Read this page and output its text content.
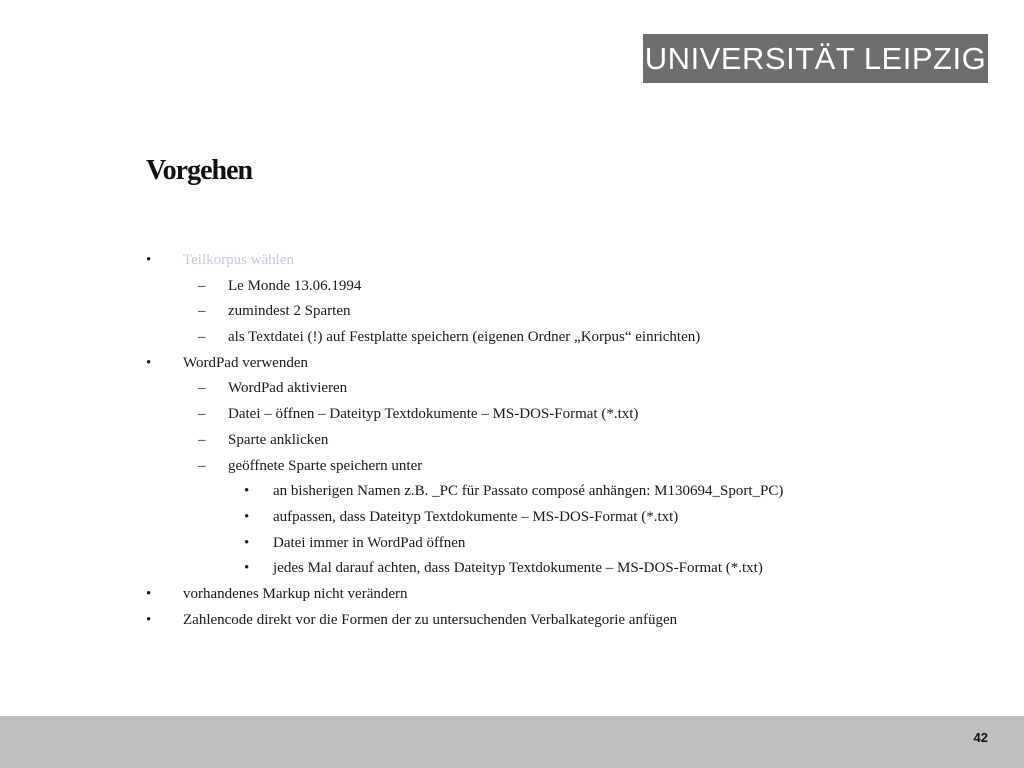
UNIVERSITÄT LEIPZIG
Vorgehen
• Teilkorpus wählen
– Le Monde 13.06.1994
– zumindest 2 Sparten
– als Textdatei (!) auf Festplatte speichern (eigenen Ordner „Korpus“ einrichten)
• WordPad verwenden
– WordPad aktivieren
– Datei – öffnen – Dateityp Textdokumente – MS-DOS-Format (*.txt)
– Sparte anklicken
– geöffnete Sparte speichern unter
• an bisherigen Namen z.B. _PC für Passato composé anhängen: M130694_Sport_PC)
• aufpassen, dass Dateityp Textdokumente – MS-DOS-Format (*.txt)
• Datei immer in WordPad öffnen
• jedes Mal darauf achten, dass Dateityp Textdokumente – MS-DOS-Format (*.txt)
• vorhandenes Markup nicht verändern
• Zahlencode direkt vor die Formen der zu untersuchenden Verbalkategorie anfügen
42
